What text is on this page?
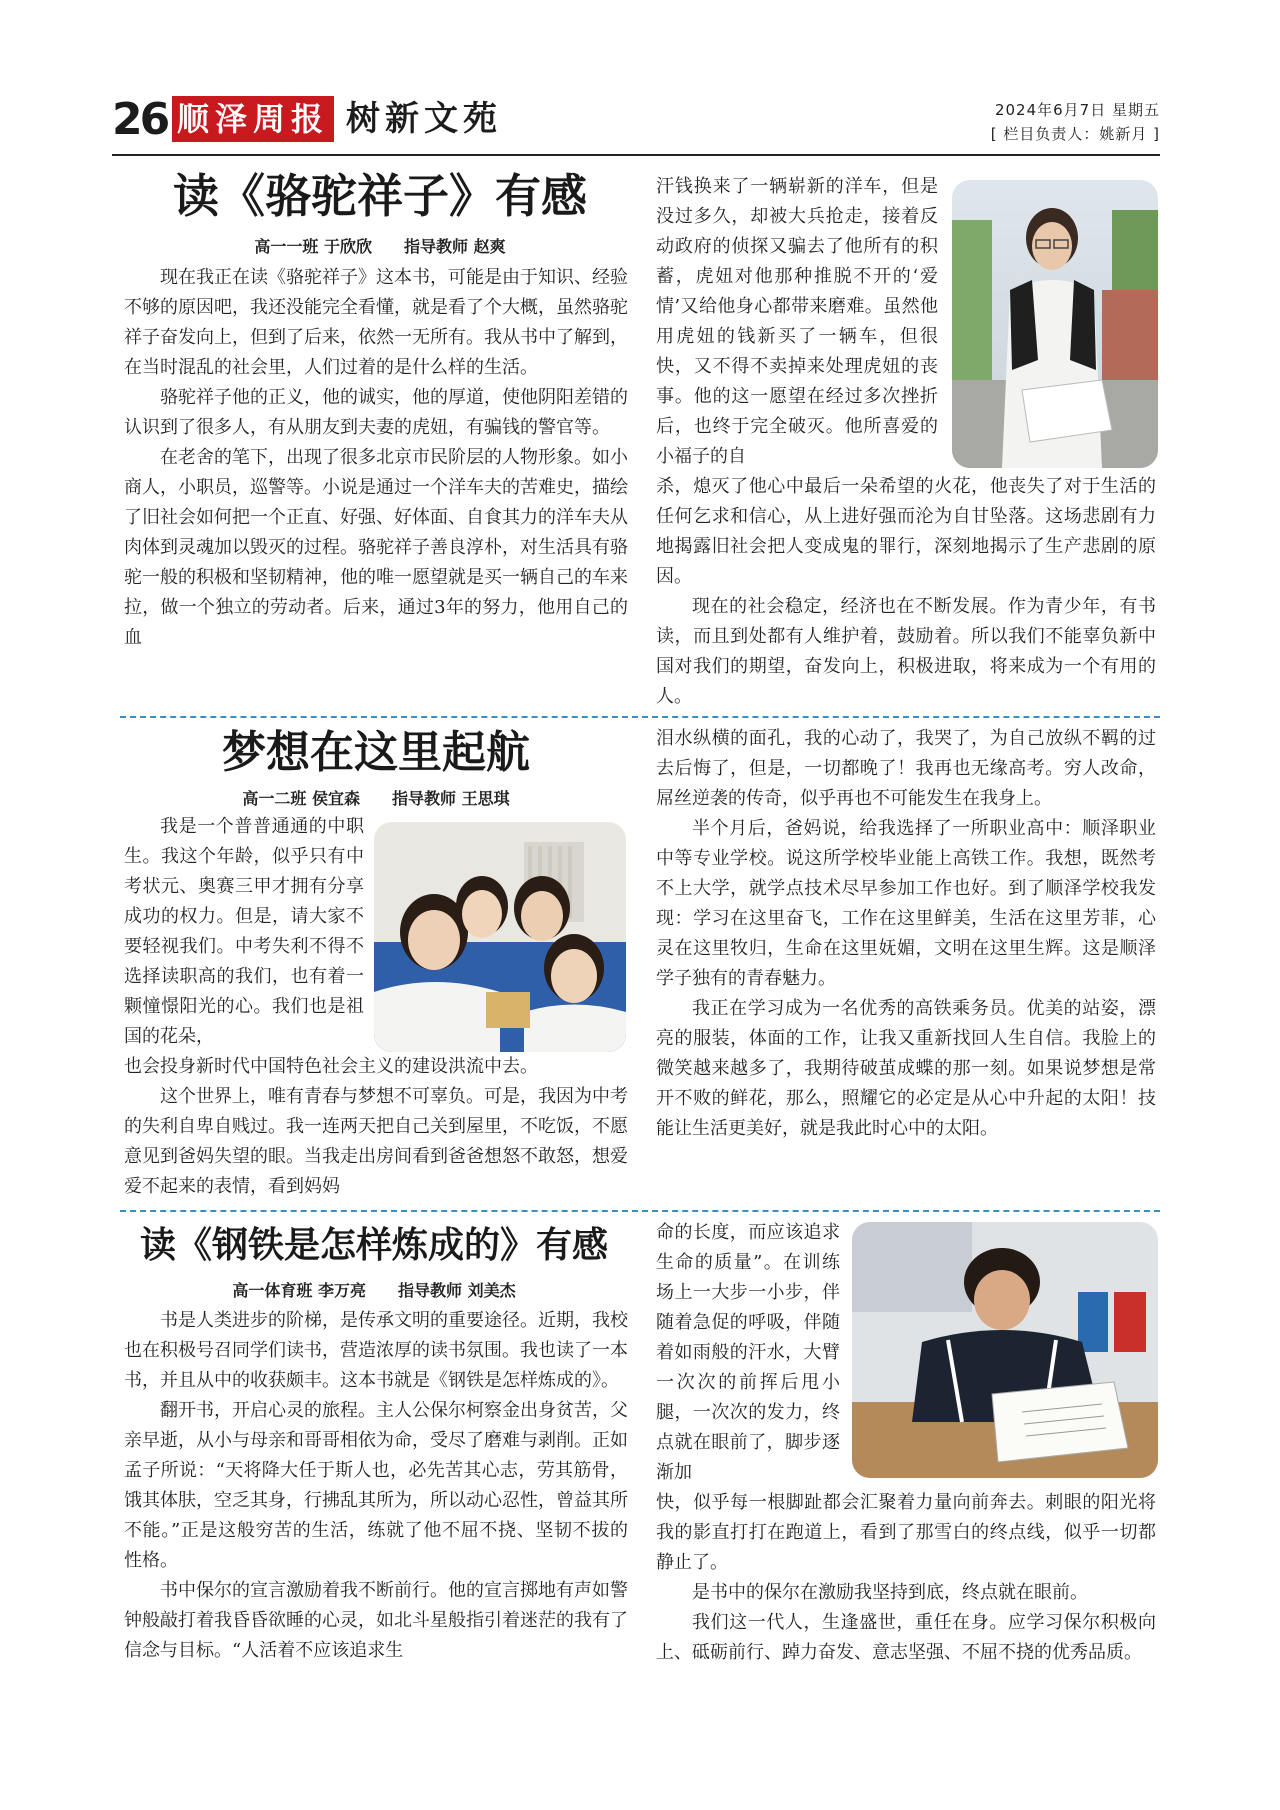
26 顺泽周报 树新文苑	2024年6月7日 星期五
[ 栏目负责人：姚新月 ]
读《骆驼祥子》有感
高一一班 于欣欣 指导教师 赵爽

现在我正在读《骆驼祥子》这本书，可能是由于知识、经验不够的原因吧，我还没能完全看懂，就是看了个大概，虽然骆驼祥子奋发向上，但到了后来，依然一无所有。我从书中了解到，在当时混乱的社会里，人们过着的是什么样的生活。

骆驼祥子他的正义，他的诚实，他的厚道，使他阴阳差错的认识到了很多人，有从朋友到夫妻的虎妞，有骗钱的警官等。

在老舍的笔下，出现了很多北京市民阶层的人物形象。如小商人，小职员，巡警等。小说是通过一个洋车夫的苦难史，描绘了旧社会如何把一个正直、好强、好体面、自食其力的洋车夫从肉体到灵魂加以毁灭的过程。骆驼祥子善良淳朴，对生活具有骆驼一般的积极和坚韧精神，他的唯一愿望就是买一辆自己的车来拉，做一个独立的劳动者。后来，通过3年的努力，他用自己的血

汗钱换来了一辆崭新的洋车，但是没过多久，却被大兵抢走，接着反动政府的侦探又骗去了他所有的积蓄，虎妞对他那种推脱不开的‘爱情’又给他身心都带来磨难。虽然他用虎妞的钱新买了一辆车，但很快，又不得不卖掉来处理虎妞的丧事。他的这一愿望在经过多次挫折后，也终于完全破灭。他所喜爱的小福子的自

杀，熄灭了他心中最后一朵希望的火花，他丧失了对于生活的任何乞求和信心，从上进好强而沦为自甘坠落。这场悲剧有力地揭露旧社会把人变成鬼的罪行，深刻地揭示了生产悲剧的原因。

现在的社会稳定，经济也在不断发展。作为青少年，有书读，而且到处都有人维护着，鼓励着。所以我们不能辜负新中国对我们的期望，奋发向上，积极进取，将来成为一个有用的人。

梦想在这里起航
高一二班 侯宜森 指导教师 王思琪

我是一个普普通通的中职生。我这个年龄，似乎只有中考状元、奥赛三甲才拥有分享成功的权力。但是，请大家不要轻视我们。中考失利不得不选择读职高的我们，也有着一颗憧憬阳光的心。我们也是祖国的花朵，

也会投身新时代中国特色社会主义的建设洪流中去。

这个世界上，唯有青春与梦想不可辜负。可是，我因为中考的失利自卑自贱过。我一连两天把自己关到屋里，不吃饭，不愿意见到爸妈失望的眼。当我走出房间看到爸爸想怒不敢怒，想爱爱不起来的表情，看到妈妈

泪水纵横的面孔，我的心动了，我哭了，为自己放纵不羁的过去后悔了，但是，一切都晚了！我再也无缘高考。穷人改命，屌丝逆袭的传奇，似乎再也不可能发生在我身上。

半个月后，爸妈说，给我选择了一所职业高中：顺泽职业中等专业学校。说这所学校毕业能上高铁工作。我想，既然考不上大学，就学点技术尽早参加工作也好。到了顺泽学校我发现：学习在这里奋飞，工作在这里鲜美，生活在这里芳菲，心灵在这里牧归，生命在这里妩媚，文明在这里生辉。这是顺泽学子独有的青春魅力。

我正在学习成为一名优秀的高铁乘务员。优美的站姿，漂亮的服装，体面的工作，让我又重新找回人生自信。我脸上的微笑越来越多了，我期待破茧成蝶的那一刻。如果说梦想是常开不败的鲜花，那么，照耀它的必定是从心中升起的太阳！技能让生活更美好，就是我此时心中的太阳。

读《钢铁是怎样炼成的》有感
高一体育班 李万亮 指导教师 刘美杰

书是人类进步的阶梯，是传承文明的重要途径。近期，我校也在积极号召同学们读书，营造浓厚的读书氛围。我也读了一本书，并且从中的收获颇丰。这本书就是《钢铁是怎样炼成的》。

翻开书，开启心灵的旅程。主人公保尔柯察金出身贫苦，父亲早逝，从小与母亲和哥哥相依为命，受尽了磨难与剥削。正如孟子所说：“天将降大任于斯人也，必先苦其心志，劳其筋骨，饿其体肤，空乏其身，行拂乱其所为，所以动心忍性，曾益其所不能。”正是这般穷苦的生活，练就了他不屈不挠、坚韧不拔的性格。

书中保尔的宣言激励着我不断前行。他的宣言掷地有声如警钟般敲打着我昏昏欲睡的心灵，如北斗星般指引着迷茫的我有了信念与目标。“人活着不应该追求生

命的长度，而应该追求生命的质量”。在训练场上一大步一小步，伴随着急促的呼吸，伴随着如雨般的汗水，大臂一次次的前挥后甩小腿，一次次的发力，终点就在眼前了，脚步逐渐加

快，似乎每一根脚趾都会汇聚着力量向前奔去。刺眼的阳光将我的影直打打在跑道上，看到了那雪白的终点线，似乎一切都静止了。

是书中的保尔在激励我坚持到底，终点就在眼前。

我们这一代人，生逢盛世，重任在身。应学习保尔积极向上、砥砺前行、踔力奋发、意志坚强、不屈不挠的优秀品质。
